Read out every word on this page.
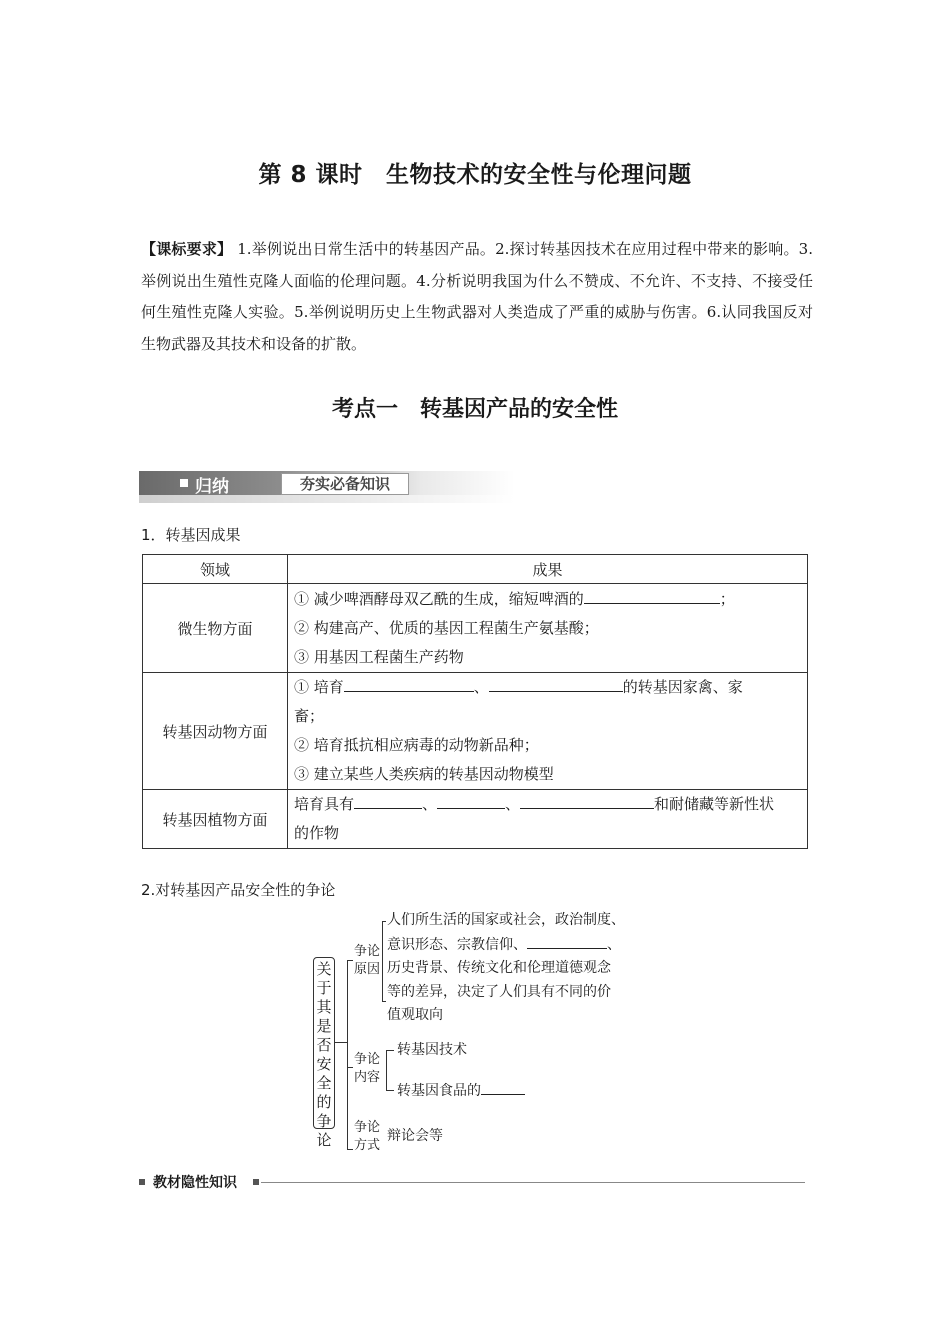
第 8 课时　生物技术的安全性与伦理问题
【课标要求】 1.举例说出日常生活中的转基因产品。2.探讨转基因技术在应用过程中带来的影响。3.举例说出生殖性克隆人面临的伦理问题。4.分析说明我国为什么不赞成、不允许、不支持、不接受任何生殖性克隆人实验。5.举例说明历史上生物武器对人类造成了严重的威胁与伤害。6.认同我国反对生物武器及其技术和设备的扩散。
考点一　转基因产品的安全性
归纳	夯实必备知识
1．转基因成果
领域	成果
微生物方面	① 减少啤酒酵母双乙酰的生成，缩短啤酒的 ；
② 构建高产、优质的基因工程菌生产氨基酸；
③ 用基因工程菌生产药物

转基因动物方面	① 培育 、 的转基因家禽、家
畜；
② 培育抵抗相应病毒的动物新品种；
③ 建立某些人类疾病的转基因动物模型

转基因植物方面	培育具有 、 、 和耐储藏等新性状
的作物
2.对转基因产品安全性的争论
关
于
其
是
否
安
全
的
争
论
争论
原因
人们所生活的国家或社会，政治制度、
意识形态、宗教信仰、	、
历史背景、传统文化和伦理道德观念
等的差异，决定了人们具有不同的价
值观取向
争论
内容
转基因技术
转基因食品的
争论
方式
辩论会等
教材隐性知识
